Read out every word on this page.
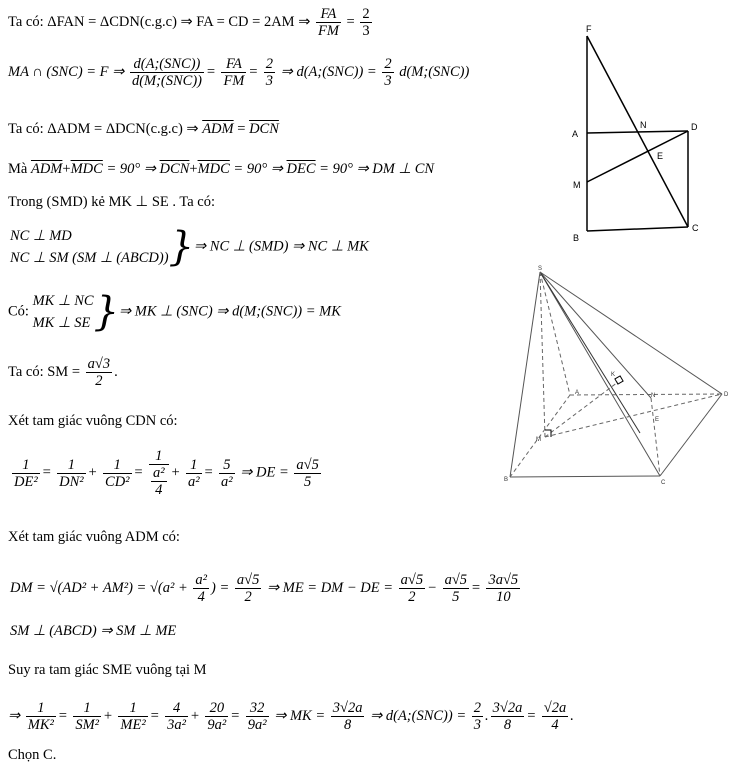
Ta có: ΔFAN = ΔCDN(c.g.c) ⇒ FA = CD = 2AM ⇒ $\frac{FA}{FM} = \frac{2}{3}$
MA ∩ (SNC) = F ⇒ $\frac{\text{d(A;(SNC))}}{\text{d(M;(SNC))}} = \frac{FA}{FM} = \frac{2}{3}$ ⇒ d(A;(SNC)) = $\frac{2}{3}$ d(M;(SNC))
Ta có: ΔADM = ΔDCN(c.g.c) ⇒ $\overline{ADM} = \overline{DCN}$
Mà $\overline{ADM}+\overline{MDC} = 90^\circ$ ⇒ $\overline{DCN}+\overline{MDC} = 90^\circ$ ⇒ $\overline{DEC} = 90^\circ$ ⇒ DM ⊥ CN
Trong (SMD) kẻ MK ⊥ SE . Ta có:
NC ⊥ MD
NC ⊥ SM (SM ⊥ (ABCD)) }⇒ NC ⊥ (SMD) ⇒ NC ⊥ MK
Có:
MK ⊥ NC
MK ⊥ SE }⇒ MK ⊥ (SNC) ⇒ d(M;(SNC)) = MK
Ta có: SM = $\frac{a√3}{2}$ .
Xét tam giác vuông CDN có:
$\frac{1}{\text{DE²}} = \frac{1}{\text{DN²}} + \frac{1}{\text{CD²}} = \frac{1}{\frac{\text{a²}}{4}} + \frac{1}{\text{a²}} = \frac{5}{\text{a²}}$ ⇒ DE = $\frac{a√5}{5}$
Xét tam giác vuông ADM có:
DM = $√(AD^2 + AM^2) = √(a^2 + \frac{\text{a²}}{4}$ ) = $\frac{a√5}{2}$ ⇒ ME = DM − DE = $\frac{a√5}{2} - \frac{a√5}{5} = \frac{3a√5}{10}$
SM ⊥ (ABCD) ⇒ SM ⊥ ME
Suy ra tam giác SME vuông tại M
⇒ $\frac{1}{\text{MK²}} = \frac{1}{\text{SM²}} + \frac{1}{\text{ME²}} = \frac{4}{\text{3a²}} + \frac{20}{\text{9a²}} = \frac{32}{\text{9a²}}$ ⇒ MK = $\frac{3√2a}{8}$ ⇒ d(A;(SNC)) = $\frac{2}{3}$ . $\frac{3√2a}{8} = \frac{√2a}{4}$ .
Chọn C.
F
A
N	D
E
M
B
C
S
A	N
K
M
E
B	C
D
